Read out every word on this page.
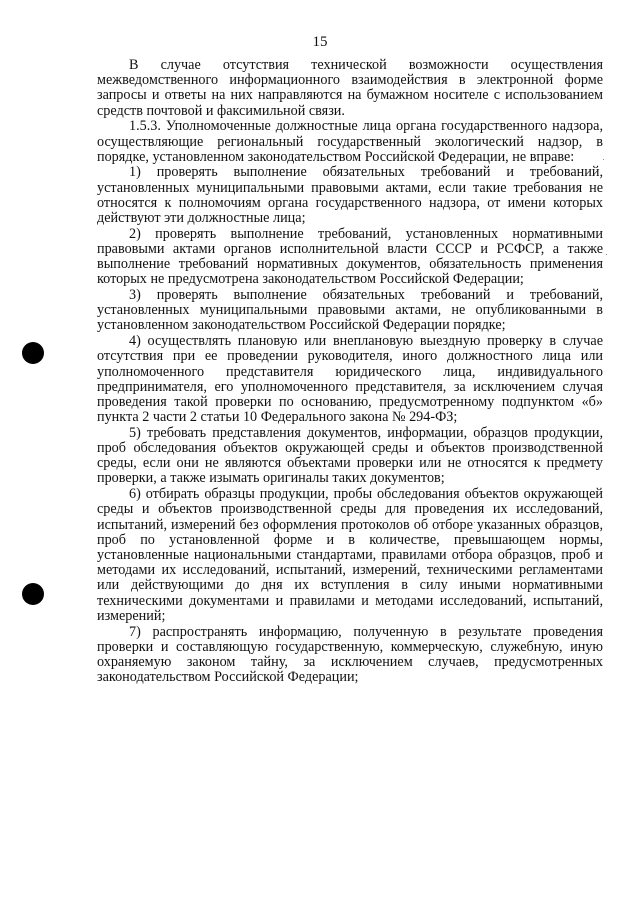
15

В случае отсутствия технической возможности осуществления межведомственного информационного взаимодействия в электронной форме запросы и ответы на них направляются на бумажном носителе с использованием средств почтовой и факсимильной связи.

1.5.3. Уполномоченные должностные лица органа государственного надзора, осуществляющие региональный государственный экологический надзор, в порядке, установленном законодательством Российской Федерации, не вправе:

1) проверять выполнение обязательных требований и требований, установленных муниципальными правовыми актами, если такие требования не относятся к полномочиям органа государственного надзора, от имени которых действуют эти должностные лица;

2) проверять выполнение требований, установленных нормативными правовыми актами органов исполнительной власти СССР и РСФСР, а также выполнение требований нормативных документов, обязательность применения которых не предусмотрена законодательством Российской Федерации;

3) проверять выполнение обязательных требований и требований, установленных муниципальными правовыми актами, не опубликованными в установленном законодательством Российской Федерации порядке;

4) осуществлять плановую или внеплановую выездную проверку в случае отсутствия при ее проведении руководителя, иного должностного лица или уполномоченного представителя юридического лица, индивидуального предпринимателя, его уполномоченного представителя, за исключением случая проведения такой проверки по основанию, предусмотренному подпунктом «б» пункта 2 части 2 статьи 10 Федерального закона № 294-ФЗ;

5) требовать представления документов, информации, образцов продукции, проб обследования объектов окружающей среды и объектов производственной среды, если они не являются объектами проверки или не относятся к предмету проверки, а также изымать оригиналы таких документов;

6) отбирать образцы продукции, пробы обследования объектов окружающей среды и объектов производственной среды для проведения их исследований, испытаний, измерений без оформления протоколов об отборе указанных образцов, проб по установленной форме и в количестве, превышающем нормы, установленные национальными стандартами, правилами отбора образцов, проб и методами их исследований, испытаний, измерений, техническими регламентами или действующими до дня их вступления в силу иными нормативными техническими документами и правилами и методами исследований, испытаний, измерений;

7) распространять информацию, полученную в результате проведения проверки и составляющую государственную, коммерческую, служебную, иную охраняемую законом тайну, за исключением случаев, предусмотренных законодательством Российской Федерации;
